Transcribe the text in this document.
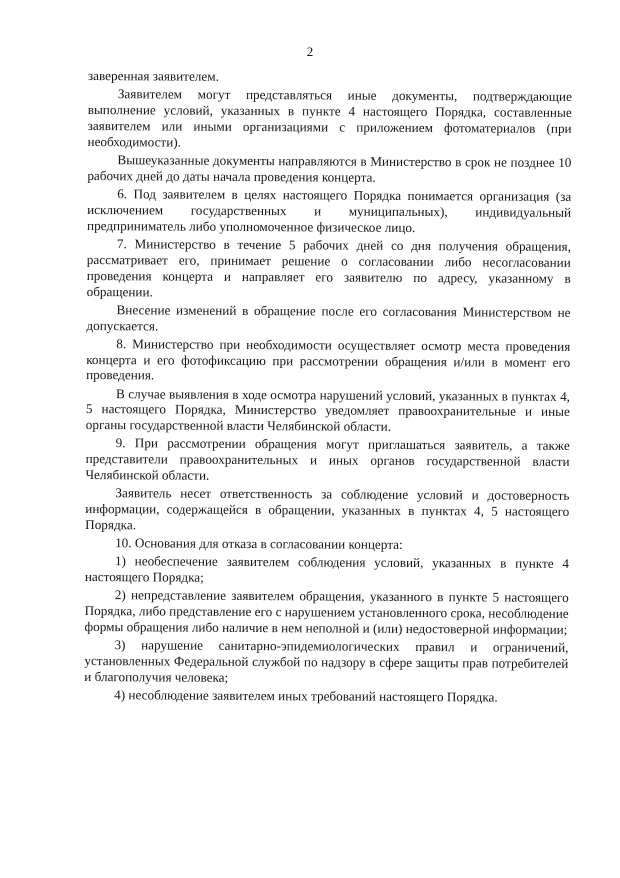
2

заверенная заявителем.

Заявителем могут представляться иные документы, подтверждающие выполнение условий, указанных в пункте 4 настоящего Порядка, составленные заявителем или иными организациями с приложением фотоматериалов (при необходимости).

Вышеуказанные документы направляются в Министерство в срок не позднее 10 рабочих дней до даты начала проведения концерта.

6. Под заявителем в целях настоящего Порядка понимается организация (за исключением государственных и муниципальных), индивидуальный предприниматель либо уполномоченное физическое лицо.

7. Министерство в течение 5 рабочих дней со дня получения обращения, рассматривает его, принимает решение о согласовании либо несогласовании проведения концерта и направляет его заявителю по адресу, указанному в обращении.

Внесение изменений в обращение после его согласования Министерством не допускается.

8. Министерство при необходимости осуществляет осмотр места проведения концерта и его фотофиксацию при рассмотрении обращения и/или в момент его проведения.

В случае выявления в ходе осмотра нарушений условий, указанных в пунктах 4, 5 настоящего Порядка, Министерство уведомляет правоохранительные и иные органы государственной власти Челябинской области.

9. При рассмотрении обращения могут приглашаться заявитель, а также представители правоохранительных и иных органов государственной власти Челябинской области.

Заявитель несет ответственность за соблюдение условий и достоверность информации, содержащейся в обращении, указанных в пунктах 4, 5 настоящего Порядка.

10. Основания для отказа в согласовании концерта:

1) необеспечение заявителем соблюдения условий, указанных в пункте 4 настоящего Порядка;

2) непредставление заявителем обращения, указанного в пункте 5 настоящего Порядка, либо представление его с нарушением установленного срока, несоблюдение формы обращения либо наличие в нем неполной и (или) недостоверной информации;

3) нарушение санитарно-эпидемиологических правил и ограничений, установленных Федеральной службой по надзору в сфере защиты прав потребителей и благополучия человека;

4) несоблюдение заявителем иных требований настоящего Порядка.
